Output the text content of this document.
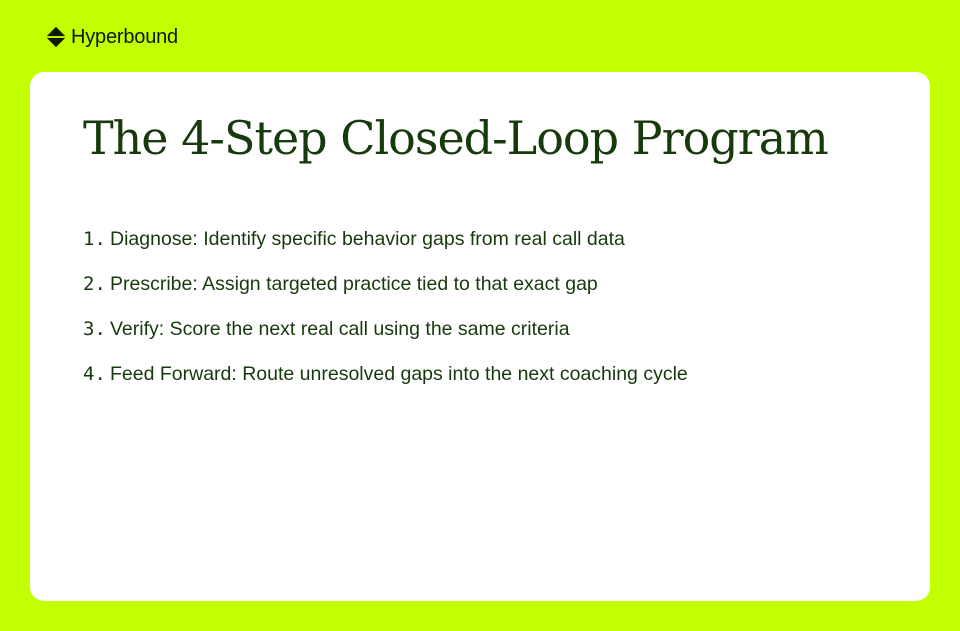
Hyperbound
The 4-Step Closed-Loop Program
1. Diagnose: Identify specific behavior gaps from real call data
2. Prescribe: Assign targeted practice tied to that exact gap
3. Verify: Score the next real call using the same criteria
4. Feed Forward: Route unresolved gaps into the next coaching cycle
